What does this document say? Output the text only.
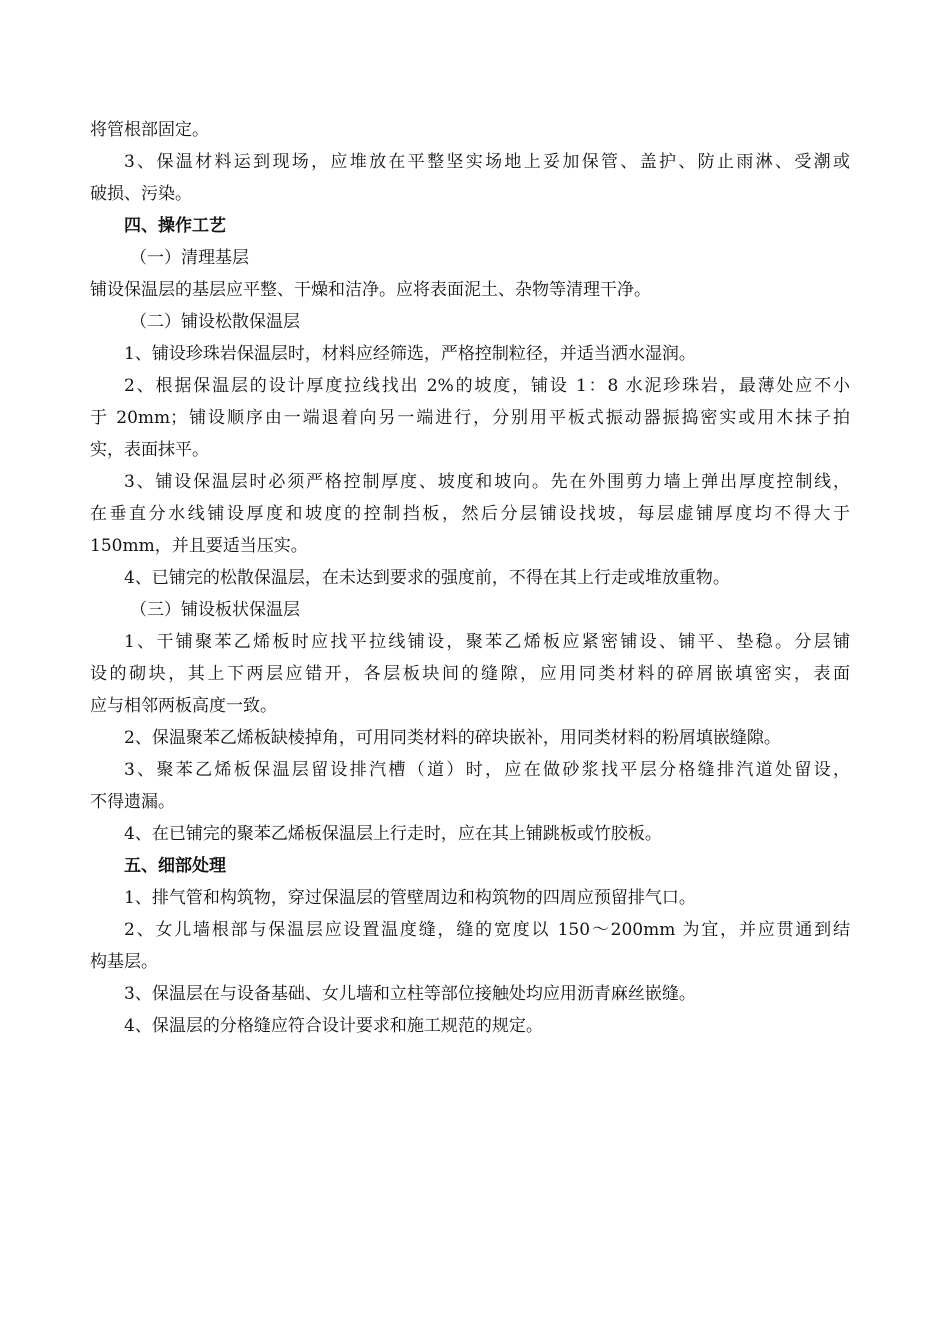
将管根部固定。
3、保温材料运到现场，应堆放在平整坚实场地上妥加保管、盖护、防止雨淋、受潮或
破损、污染。
四、操作工艺
（一）清理基层
铺设保温层的基层应平整、干燥和洁净。应将表面泥土、杂物等清理干净。
（二）铺设松散保温层
1、铺设珍珠岩保温层时，材料应经筛选，严格控制粒径，并适当洒水湿润。
2、根据保温层的设计厚度拉线找出 2%的坡度，铺设 1：8 水泥珍珠岩，最薄处应不小
于 20mm；铺设顺序由一端退着向另一端进行，分别用平板式振动器振捣密实或用木抹子拍
实，表面抹平。
3、铺设保温层时必须严格控制厚度、坡度和坡向。先在外围剪力墙上弹出厚度控制线，
在垂直分水线铺设厚度和坡度的控制挡板，然后分层铺设找坡，每层虚铺厚度均不得大于
150mm，并且要适当压实。
4、已铺完的松散保温层，在未达到要求的强度前，不得在其上行走或堆放重物。
（三）铺设板状保温层
1、干铺聚苯乙烯板时应找平拉线铺设，聚苯乙烯板应紧密铺设、铺平、垫稳。分层铺
设的砌块，其上下两层应错开，各层板块间的缝隙，应用同类材料的碎屑嵌填密实，表面
应与相邻两板高度一致。
2、保温聚苯乙烯板缺棱掉角，可用同类材料的碎块嵌补，用同类材料的粉屑填嵌缝隙。
3、聚苯乙烯板保温层留设排汽槽（道）时，应在做砂浆找平层分格缝排汽道处留设，
不得遗漏。
4、在已铺完的聚苯乙烯板保温层上行走时，应在其上铺跳板或竹胶板。
五、细部处理
1、排气管和构筑物，穿过保温层的管壁周边和构筑物的四周应预留排气口。
2、女儿墙根部与保温层应设置温度缝，缝的宽度以 150～200mm 为宜，并应贯通到结
构基层。
3、保温层在与设备基础、女儿墙和立柱等部位接触处均应用沥青麻丝嵌缝。
4、保温层的分格缝应符合设计要求和施工规范的规定。
